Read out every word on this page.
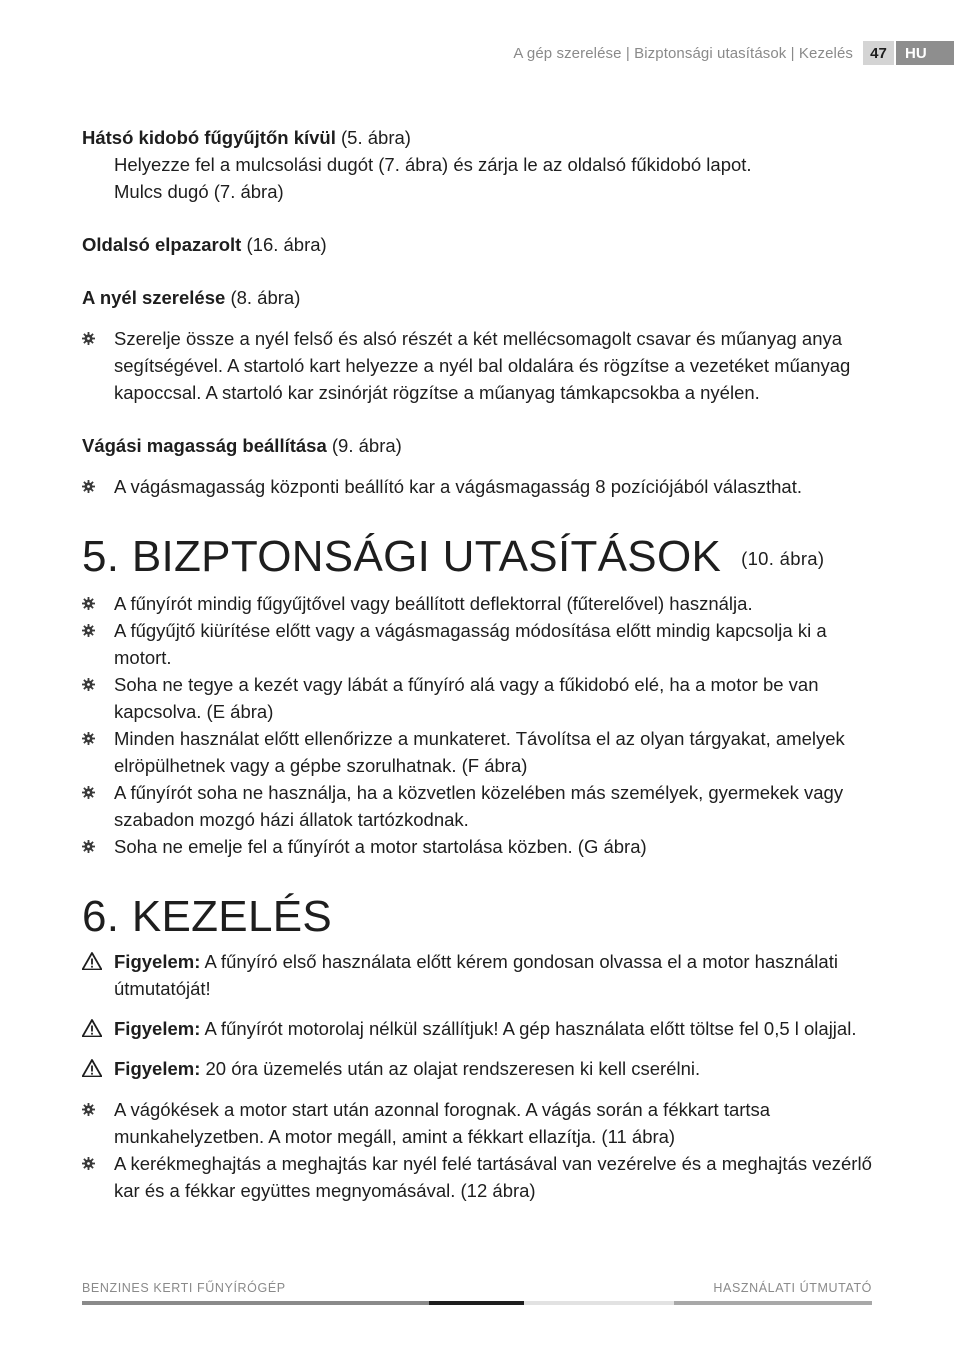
A gép szerelése | Bizptonsági utasítások | Kezelés	47	HU

Hátsó kidobó fűgyűjtőn kívül (5. ábra)

Helyezze fel a mulcsolási dugót (7. ábra) és zárja le az oldalsó fűkidobó lapot.
Mulcs dugó (7. ábra)

Oldalsó elpazarolt (16. ábra)

A nyél szerelése (8. ábra)

Szerelje össze a nyél felső és alsó részét a két mellécsomagolt csavar és műanyag anya segítségével. A startoló kart helyezze a nyél bal oldalára és rögzítse a vezetéket műanyag kapoccsal. A startoló kar zsinórját rögzítse a műanyag támkapcsokba a nyélen.

Vágási magasság beállítása (9. ábra)

A vágásmagasság központi beállító kar a vágásmagasság 8 pozíciójából választhat.
5. BIZPTONSÁGI UTASÍTÁSOK (10. ábra)
A fűnyírót mindig fűgyűjtővel vagy beállított deflektorral (fűterelővel) használja.
A fűgyűjtő kiürítése előtt vagy a vágásmagasság módosítása előtt mindig kapcsolja ki a motort.
Soha ne tegye a kezét vagy lábát a fűnyíró alá vagy a fűkidobó elé, ha a motor be van kapcsolva. (E ábra)
Minden használat előtt ellenőrizze a munkateret. Távolítsa el az olyan tárgyakat, amelyek elröpülhetnek vagy a gépbe szorulhatnak. (F ábra)
A fűnyírót soha ne használja, ha a közvetlen közelében más személyek, gyermekek vagy szabadon mozgó házi állatok tartózkodnak.
Soha ne emelje fel a fűnyírót a motor startolása közben. (G ábra)
6. KEZELÉS

Figyelem: A fűnyíró első használata előtt kérem gondosan olvassa el a motor használati útmutatóját!

Figyelem: A fűnyírót motorolaj nélkül szállítjuk! A gép használata előtt töltse fel 0,5 l olajjal.

Figyelem: 20 óra üzemelés után az olajat rendszeresen ki kell cserélni.

A vágókések a motor start után azonnal forognak. A vágás során a fékkart tartsa munkahelyzetben. A motor megáll, amint a fékkart ellazítja. (11 ábra)
A kerékmeghajtás a meghajtás kar nyél felé tartásával van vezérelve és a meghajtás vezérlő kar és a fékkar együttes megnyomásával. (12 ábra)
BENZINES KERTI FŰNYÍRÓGÉP	HASZNÁLATI ÚTMUTATÓ
